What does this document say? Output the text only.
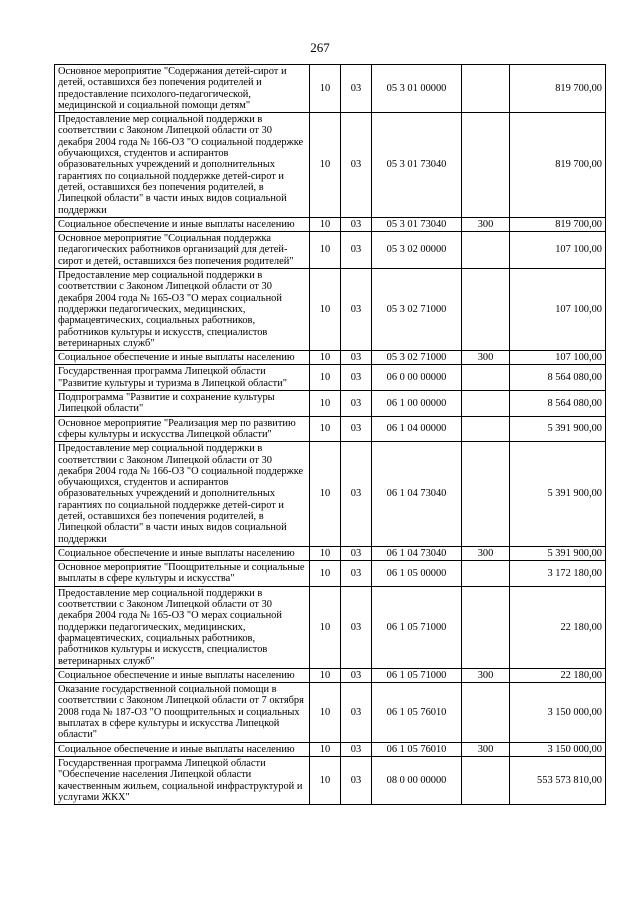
267
Основное мероприятие "Содержания детей-сирот и детей, оставшихся без попечения родителей и предоставление психолого-педагогической, медицинской и социальной помощи детям"	10	03	05 3 01 00000		819 700,00
Предоставление мер социальной поддержки в соответствии с Законом Липецкой области от 30 декабря 2004 года № 166-ОЗ "О социальной поддержке обучающихся, студентов и аспирантов образовательных учреждений и дополнительных гарантиях по социальной поддержке детей-сирот и детей, оставшихся без попечения родителей, в Липецкой области" в части иных видов социальной поддержки	10	03	05 3 01 73040		819 700,00
Социальное обеспечение и иные выплаты населению	10	03	05 3 01 73040	300	819 700,00
Основное мероприятие "Социальная поддержка педагогических работников организаций для детей-сирот и детей, оставшихся без попечения родителей"	10	03	05 3 02 00000		107 100,00
Предоставление мер социальной поддержки в соответствии с Законом Липецкой области от 30 декабря 2004 года № 165-ОЗ "О мерах социальной поддержки педагогических, медицинских, фармацевтических, социальных работников, работников культуры и искусств, специалистов ветеринарных служб"	10	03	05 3 02 71000		107 100,00
Социальное обеспечение и иные выплаты населению	10	03	05 3 02 71000	300	107 100,00
Государственная программа Липецкой области "Развитие культуры и туризма в Липецкой области"	10	03	06 0 00 00000		8 564 080,00
Подпрограмма "Развитие и сохранение культуры Липецкой области"	10	03	06 1 00 00000		8 564 080,00
Основное мероприятие "Реализация мер по развитию сферы культуры и искусства Липецкой области"	10	03	06 1 04 00000		5 391 900,00
Предоставление мер социальной поддержки в соответствии с Законом Липецкой области от 30 декабря 2004 года № 166-ОЗ "О социальной поддержке обучающихся, студентов и аспирантов образовательных учреждений и дополнительных гарантиях по социальной поддержке детей-сирот и детей, оставшихся без попечения родителей, в Липецкой области" в части иных видов социальной поддержки	10	03	06 1 04 73040		5 391 900,00
Социальное обеспечение и иные выплаты населению	10	03	06 1 04 73040	300	5 391 900,00
Основное мероприятие "Поощрительные и социальные выплаты в сфере культуры и искусства"	10	03	06 1 05 00000		3 172 180,00
Предоставление мер социальной поддержки в соответствии с Законом Липецкой области от 30 декабря 2004 года № 165-ОЗ "О мерах социальной поддержки педагогических, медицинских, фармацевтических, социальных работников, работников культуры и искусств, специалистов ветеринарных служб"	10	03	06 1 05 71000		22 180,00
Социальное обеспечение и иные выплаты населению	10	03	06 1 05 71000	300	22 180,00
Оказание государственной социальной помощи в соответствии с Законом Липецкой области от 7 октября 2008 года № 187-ОЗ "О поощрительных и социальных выплатах в сфере культуры и искусства Липецкой области"	10	03	06 1 05 76010		3 150 000,00
Социальное обеспечение и иные выплаты населению	10	03	06 1 05 76010	300	3 150 000,00
Государственная программа Липецкой области "Обеспечение населения Липецкой области качественным жильем, социальной инфраструктурой и услугами ЖКХ"	10	03	08 0 00 00000		553 573 810,00
